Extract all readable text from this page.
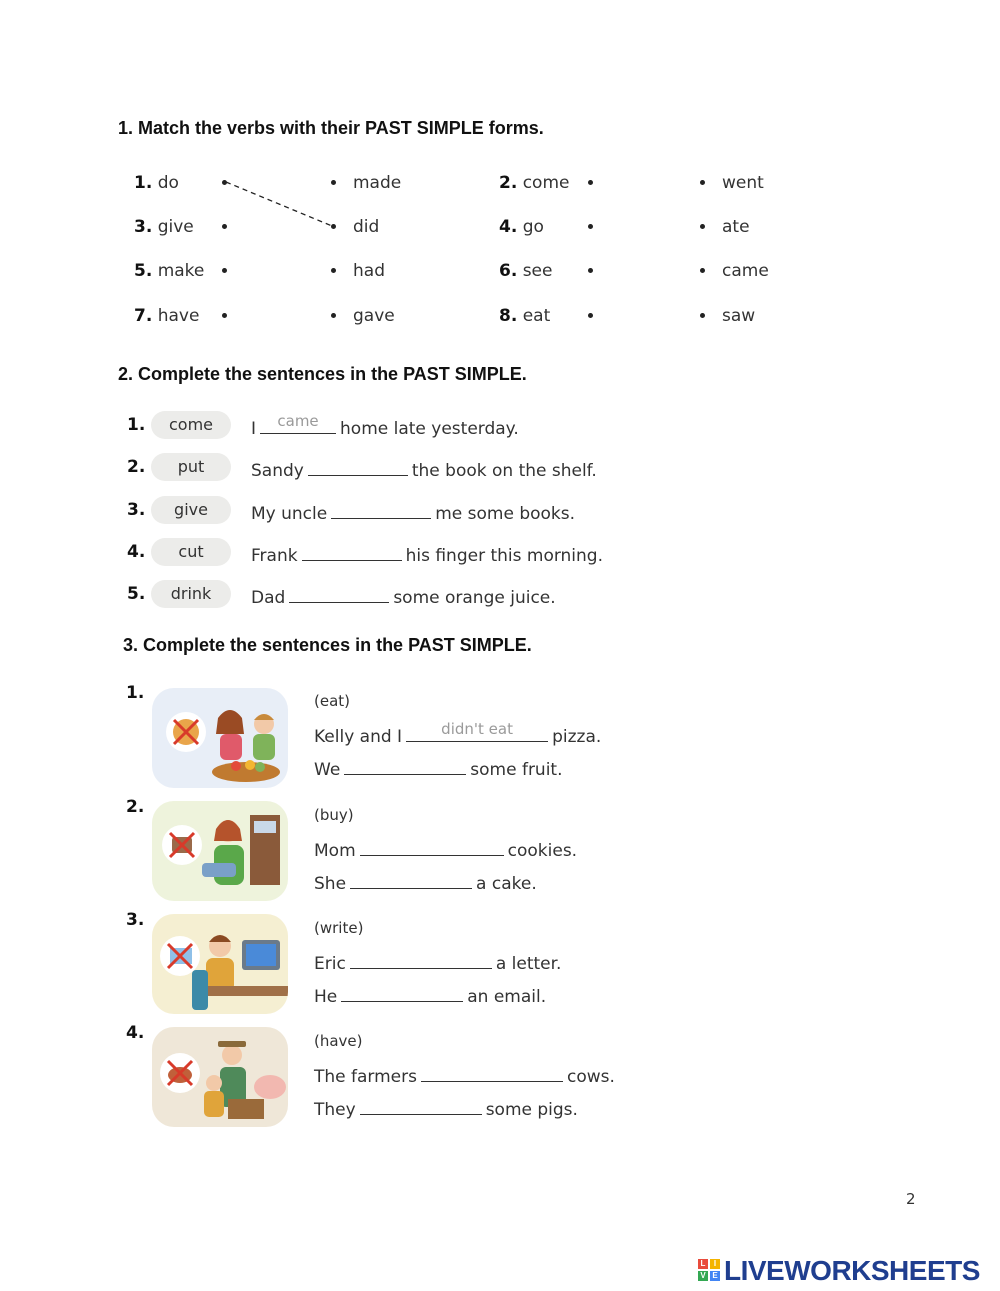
1. Match the verbs with their PAST SIMPLE forms.
1. do	made
3. give	did
5. make	had
7. have	gave
2. come	went
4. go	ate
6. see	came
8. eat	saw
2. Complete the sentences in the PAST SIMPLE.
1.	come	I	came	home late yesterday.
2.	put	Sandy	the book on the shelf.
3.	give	My uncle	me some books.
4.	cut	Frank	his finger this morning.
5.	drink	Dad	some orange juice.
3. Complete the sentences in the PAST SIMPLE.
1.	(eat)
Kelly and I	didn't eat	pizza.
We	some fruit.
2.	(buy)
Mom	cookies.
She	a cake.
3.	(write)
Eric	a letter.
He	an email.
4.	(have)
The farmers	cows.
They	some pigs.
2
L	I
V E LIVEWORKSHEETS
